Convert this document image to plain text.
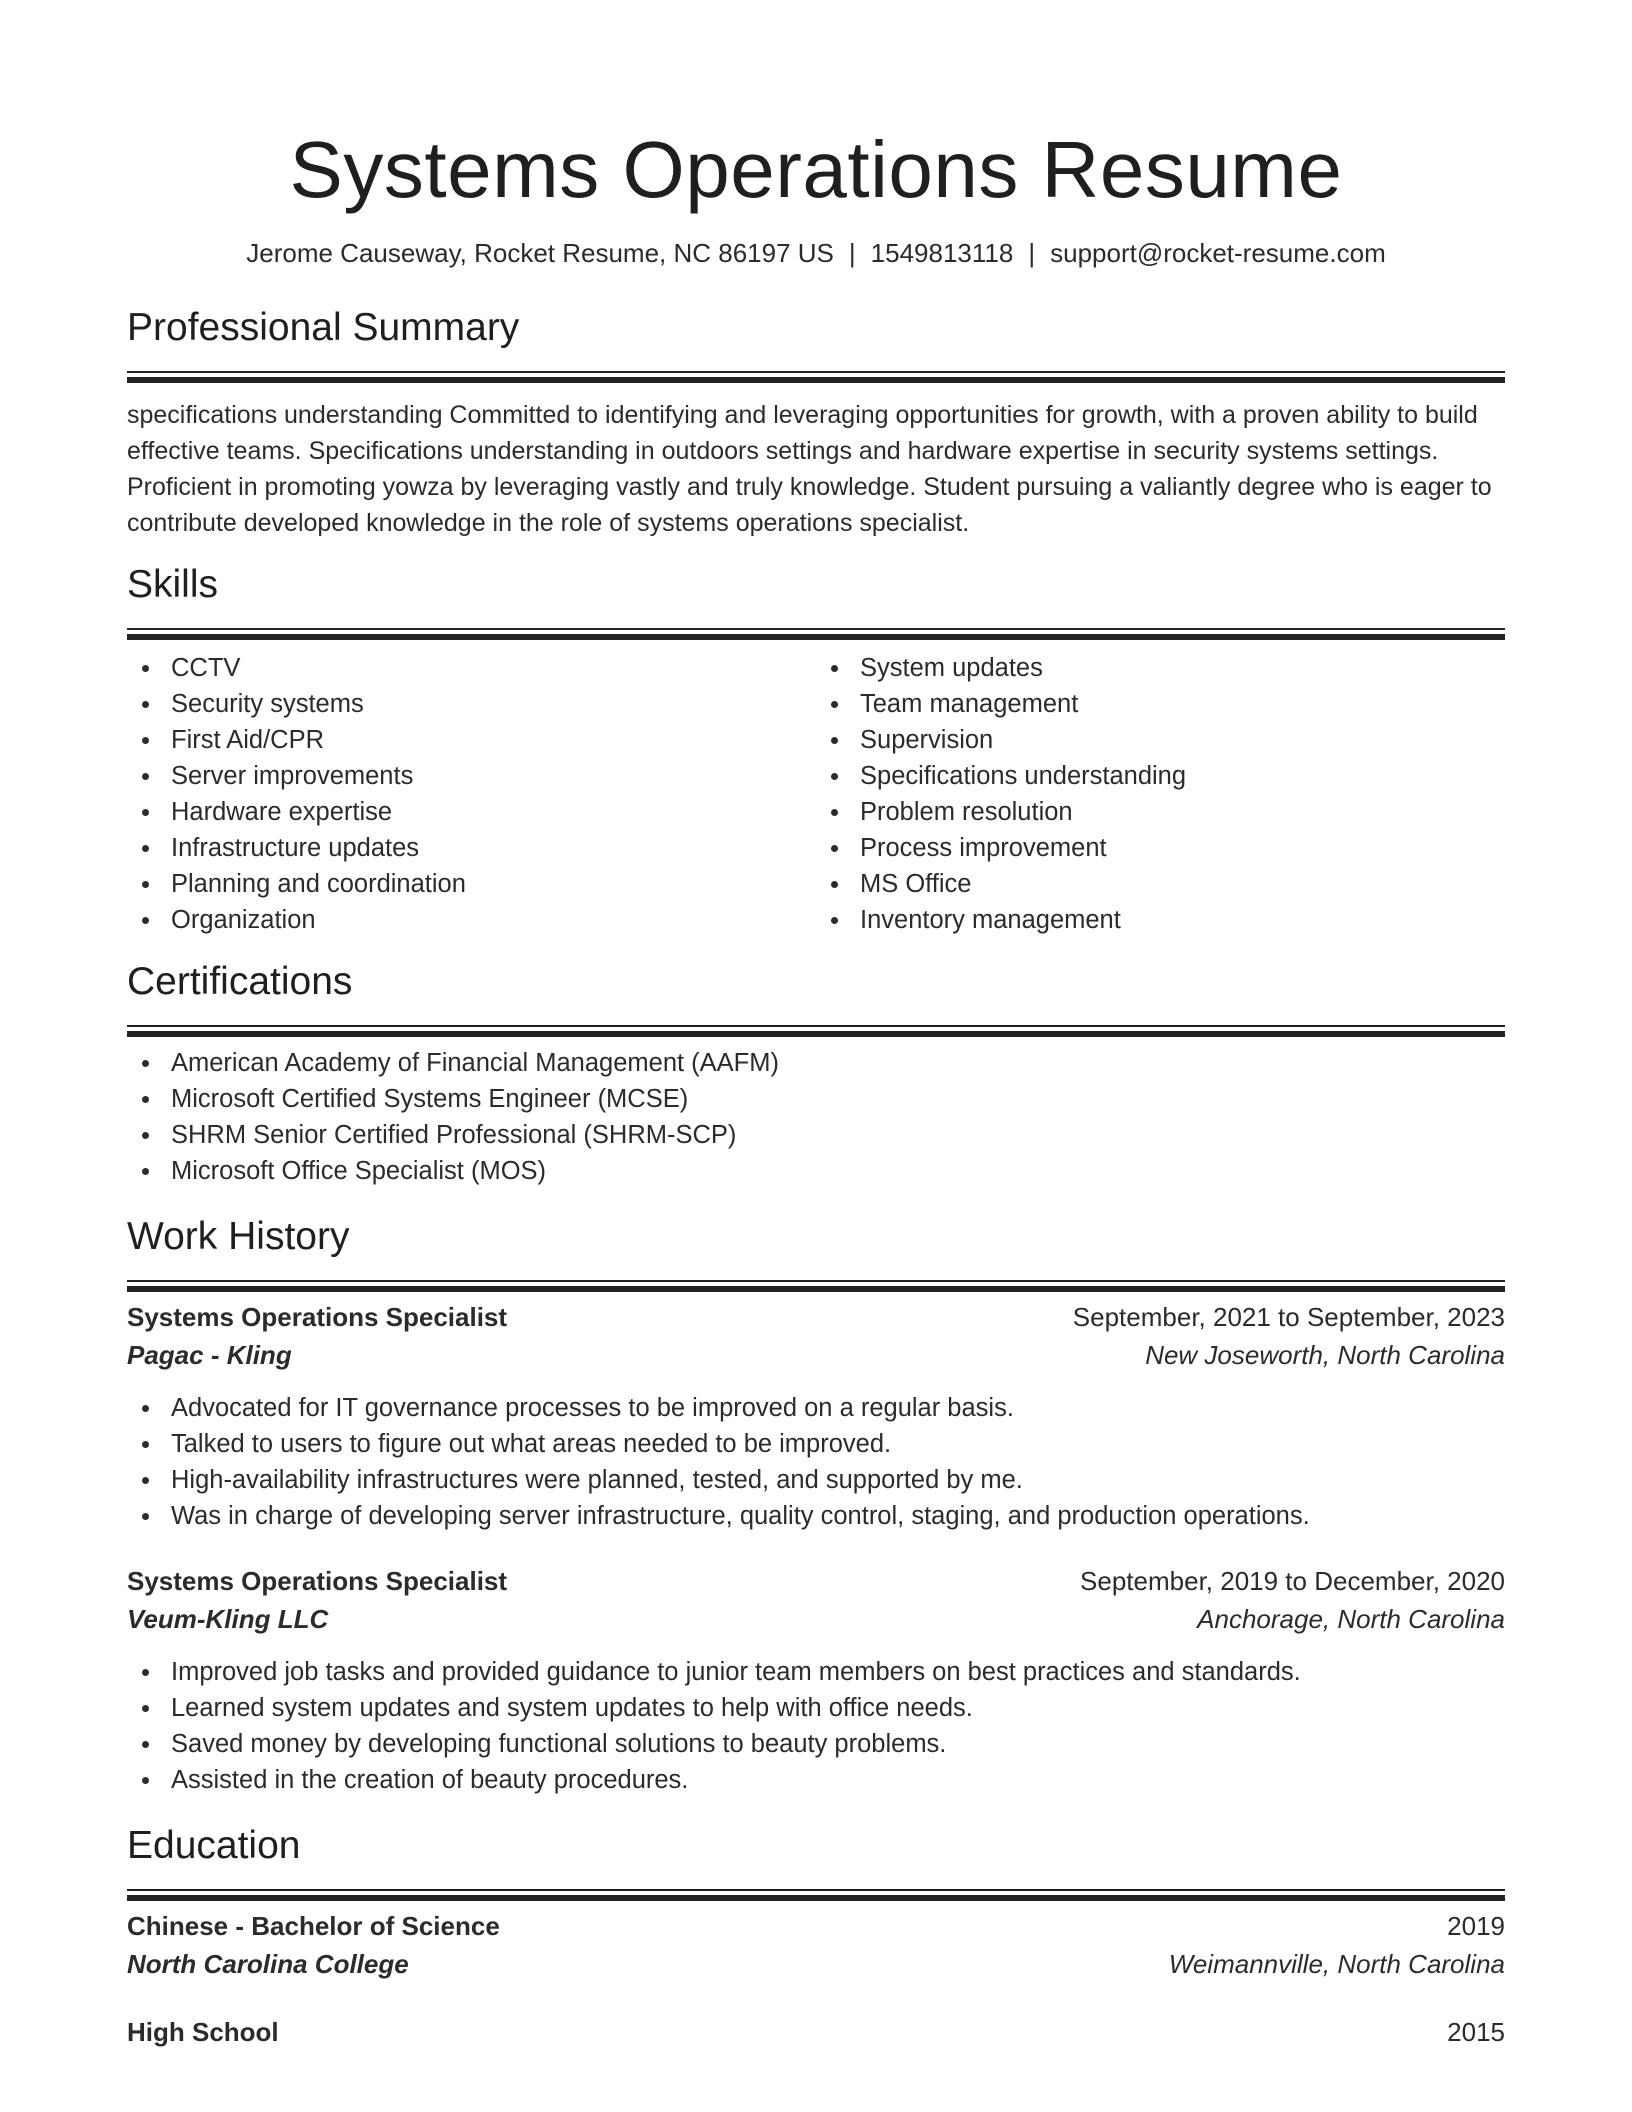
Systems Operations Resume
Jerome Causeway, Rocket Resume, NC 86197 US | 1549813118 | support@rocket-resume.com
Professional Summary

specifications understanding Committed to identifying and leveraging opportunities for growth, with a proven ability to build effective teams. Specifications understanding in outdoors settings and hardware expertise in security systems settings. Proficient in promoting yowza by leveraging vastly and truly knowledge. Student pursuing a valiantly degree who is eager to contribute developed knowledge in the role of systems operations specialist.

Skills
CCTV
Security systems
First Aid/CPR
Server improvements
Hardware expertise
Infrastructure updates
Planning and coordination
Organization
System updates
Team management
Supervision
Specifications understanding
Problem resolution
Process improvement
MS Office
Inventory management
Certifications
American Academy of Financial Management (AAFM)
Microsoft Certified Systems Engineer (MCSE)
SHRM Senior Certified Professional (SHRM-SCP)
Microsoft Office Specialist (MOS)
Work History
Systems Operations Specialist	September, 2021 to September, 2023
Pagac - Kling	New Joseworth, North Carolina
Advocated for IT governance processes to be improved on a regular basis.
Talked to users to figure out what areas needed to be improved.
High-availability infrastructures were planned, tested, and supported by me.
Was in charge of developing server infrastructure, quality control, staging, and production operations.
Systems Operations Specialist	September, 2019 to December, 2020
Veum-Kling LLC	Anchorage, North Carolina
Improved job tasks and provided guidance to junior team members on best practices and standards.
Learned system updates and system updates to help with office needs.
Saved money by developing functional solutions to beauty problems.
Assisted in the creation of beauty procedures.
Education
Chinese - Bachelor of Science	2019
North Carolina College	Weimannville, North Carolina
High School	2015
